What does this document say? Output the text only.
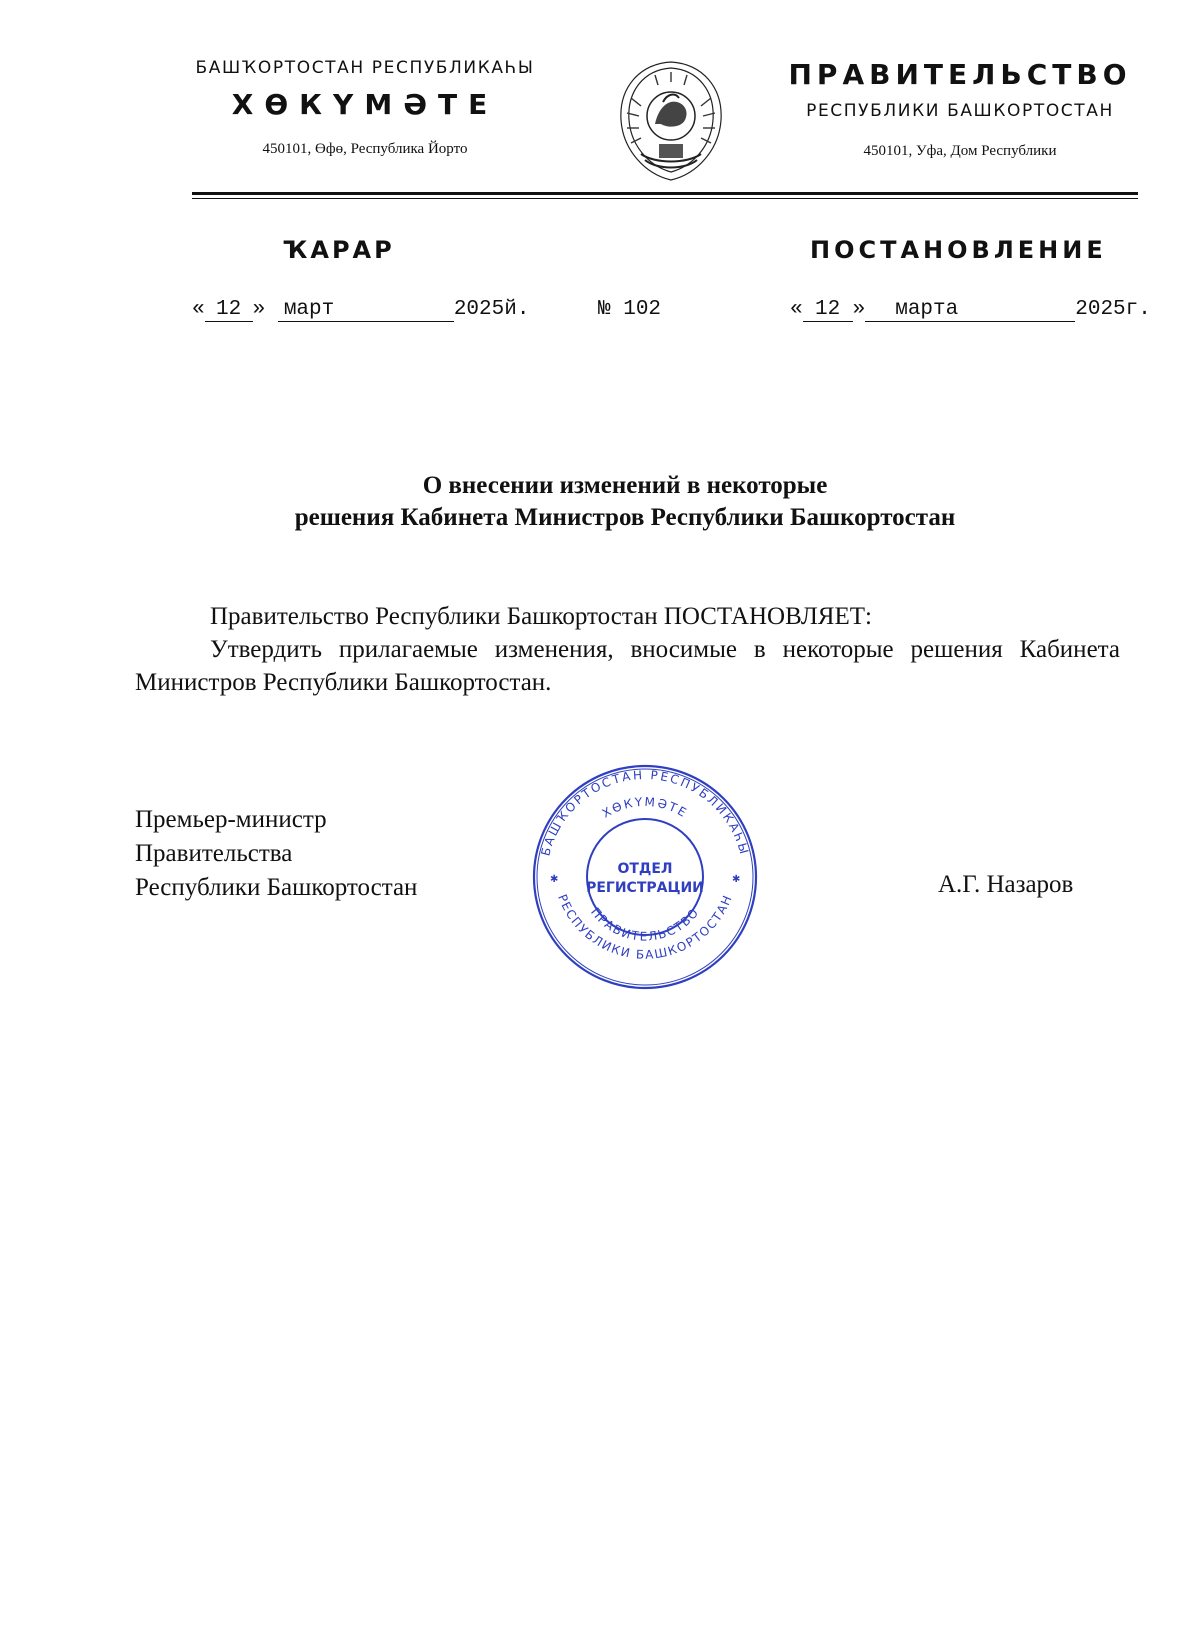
БАШҠОРТОСТАН РЕСПУБЛИКАҺЫ
ХӨКҮМӘТЕ
450101, Өфө, Республика Йорто
ПРАВИТЕЛЬСТВО
РЕСПУБЛИКИ БАШКОРТОСТАН
450101, Уфа, Дом Республики
ҠАРАР	ПОСТАНОВЛЕНИЕ
« 12 » март	2025й.	№ 102	« 12 » марта	2025г.
О внесении изменений в некоторые
решения Кабинета Министров Республики Башкортостан
Правительство Республики Башкортостан ПОСТАНОВЛЯЕТ:
Утвердить прилагаемые изменения, вносимые в некоторые решения Кабинета Министров Республики Башкортостан.
Премьер-министр
Правительства
Республики Башкортостан	А.Г. Назаров
БАШҠОРТОСТАН РЕСПУБЛИКАҺЫ
ХӨКҮМӘТЕ
ПРАВИТЕЛЬСТВО
РЕСПУБЛИКИ БАШКОРТОСТАН
✱	✱
ОТДЕЛ
РЕГИСТРАЦИИ
